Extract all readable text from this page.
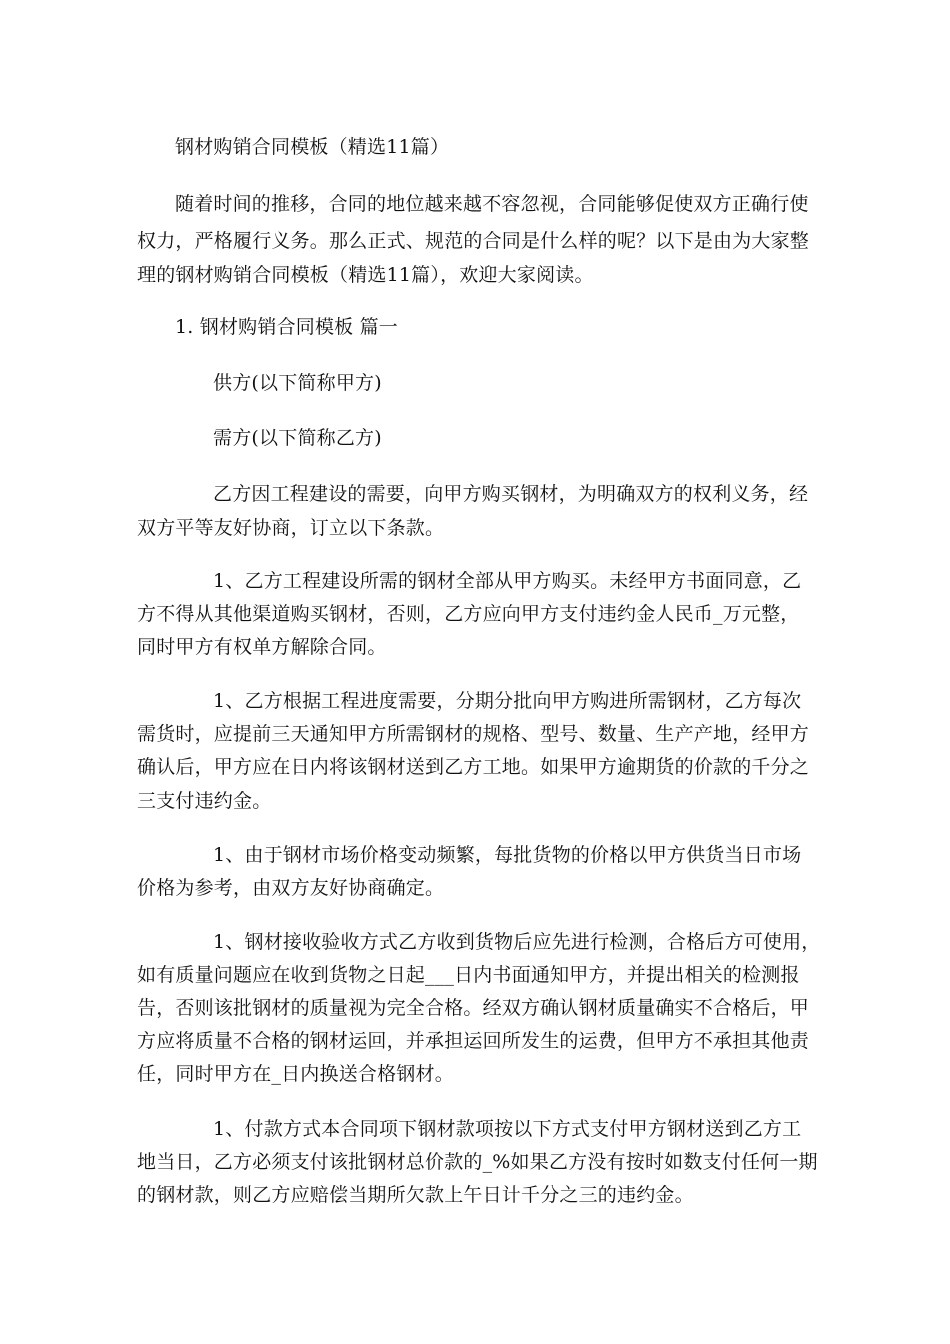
钢材购销合同模板（精选11篇）
随着时间的推移，合同的地位越来越不容忽视，合同能够促使双方正确行使
权力，严格履行义务。那么正式、规范的合同是什么样的呢？以下是由为大家整
理的钢材购销合同模板（精选11篇），欢迎大家阅读。
1. 钢材购销合同模板 篇一
供方(以下简称甲方)
需方(以下简称乙方)
乙方因工程建设的需要，向甲方购买钢材，为明确双方的权利义务，经
双方平等友好协商，订立以下条款。
1、乙方工程建设所需的钢材全部从甲方购买。未经甲方书面同意，乙
方不得从其他渠道购买钢材，否则，乙方应向甲方支付违约金人民币_万元整，
同时甲方有权单方解除合同。
1、乙方根据工程进度需要，分期分批向甲方购进所需钢材，乙方每次
需货时，应提前三天通知甲方所需钢材的规格、型号、数量、生产产地，经甲方
确认后，甲方应在日内将该钢材送到乙方工地。如果甲方逾期货的价款的千分之
三支付违约金。
1、由于钢材市场价格变动频繁，每批货物的价格以甲方供货当日市场
价格为参考，由双方友好协商确定。
1、钢材接收验收方式乙方收到货物后应先进行检测，合格后方可使用，
如有质量问题应在收到货物之日起___日内书面通知甲方，并提出相关的检测报
告，否则该批钢材的质量视为完全合格。经双方确认钢材质量确实不合格后，甲
方应将质量不合格的钢材运回，并承担运回所发生的运费，但甲方不承担其他责
任，同时甲方在_日内换送合格钢材。
1、付款方式本合同项下钢材款项按以下方式支付甲方钢材送到乙方工
地当日，乙方必须支付该批钢材总价款的_%如果乙方没有按时如数支付任何一期
的钢材款，则乙方应赔偿当期所欠款上午日计千分之三的违约金。
